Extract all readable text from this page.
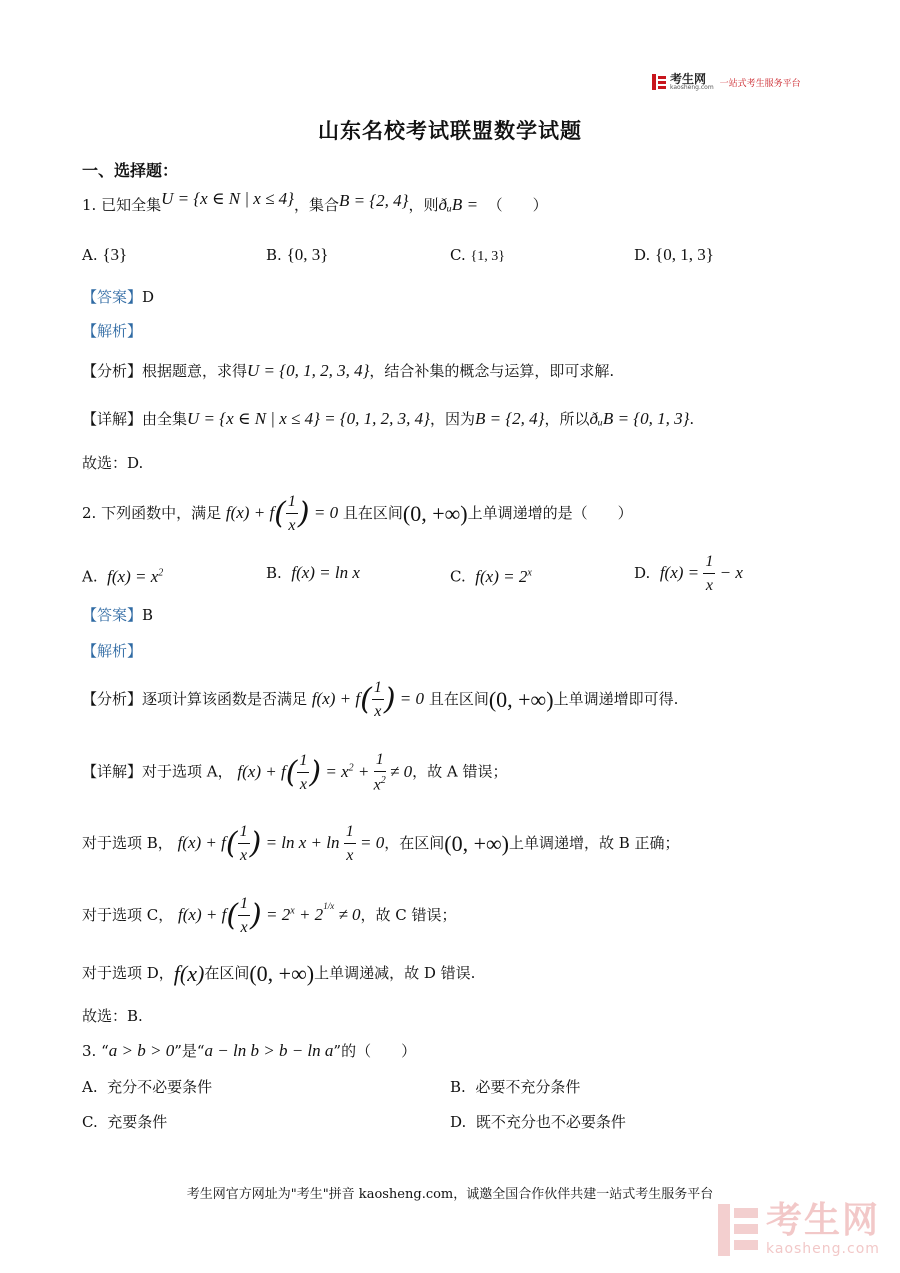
考生网
kaosheng.com 一站式考生服务平台
山东名校考试联盟数学试题
一、选择题：
1. 已知全集U = {x ∈ N | x ≤ 4}，集合B = {2, 4}，则ðᵤB = （　　）
A. {3}	B. {0, 3}	C. {1, 3}	D. {0, 1, 3}
【答案】D
【解析】
【分析】根据题意，求得U = {0, 1, 2, 3, 4}，结合补集的概念与运算，即可求解.
【详解】由全集U = {x ∈ N | x ≤ 4} = {0, 1, 2, 3, 4}，因为B = {2, 4}，所以ðᵤB = {0, 1, 3}.
故选：D.
2. 下列函数中，满足 $f(x) + f( \frac{1}{x}$ ) = 0 且在区间(0, +∞)上单调递增的是（　　）
A. $f(x) = x^2$	B. f(x) = ln x	C. $f(x) = 2^x$	D. $f(x) = \frac{1}{x} - x$
【答案】B
【解析】
【分析】逐项计算该函数是否满足 $f(x) + f( \frac{1}{x}$ ) = 0 且在区间(0, +∞)上单调递增即可得.
【详解】对于选项 A， $f(x) + f( \frac{1}{x}$ ) = $x^2 + \frac{1}{x^2} \ne 0$，故 A 错误；
对于选项 B， $f(x) + f( \frac{1}{x}$ ) = $\ln x + \ln \frac{1}{x} = 0$，在区间(0, +∞)上单调递增，故 B 正确；
对于选项 C， $f(x) + f( \frac{1}{x}$ ) = $2^x + 2^{1/x} \ne 0$，故 C 错误；
对于选项 D，f(x)在区间(0, +∞)上单调递减，故 D 错误.
故选：B.
3. “a > b > 0”是“a − ln b > b − ln a”的（　　）
A. 充分不必要条件	B. 必要不充分条件
C. 充要条件	D. 既不充分也不必要条件
考生网官方网址为"考生"拼音 kaosheng.com，诚邀全国合作伙伴共建一站式考生服务平台
考生网
kaosheng.com
